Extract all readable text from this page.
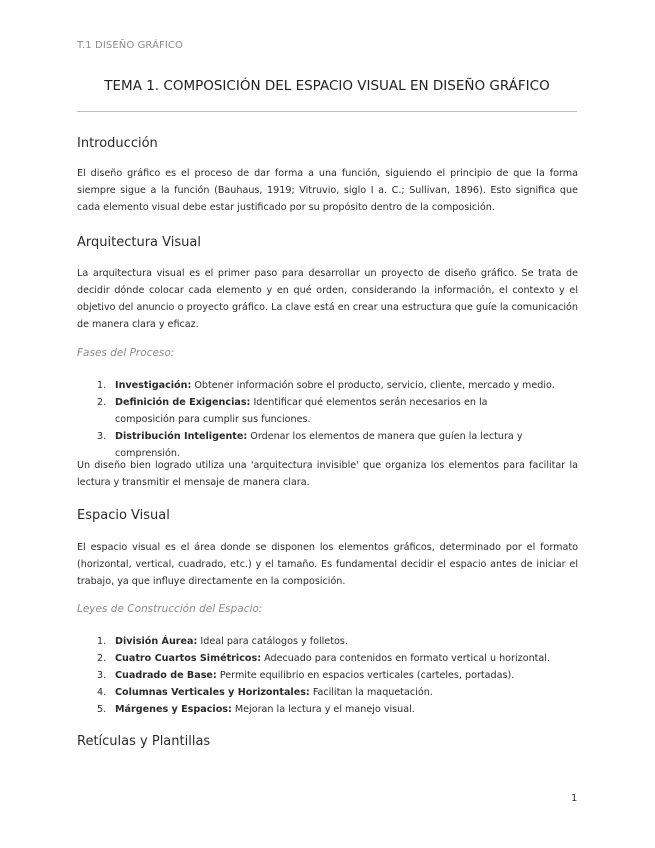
T.1 DISEÑO GRÁFICO
TEMA 1. COMPOSICIÓN DEL ESPACIO VISUAL EN DISEÑO GRÁFICO
Introducción

El diseño gráfico es el proceso de dar forma a una función, siguiendo el principio de que la forma siempre sigue a la función (Bauhaus, 1919; Vitruvio, siglo I a. C.; Sullivan, 1896). Esto significa que cada elemento visual debe estar justificado por su propósito dentro de la composición.

Arquitectura Visual

La arquitectura visual es el primer paso para desarrollar un proyecto de diseño gráfico. Se trata de decidir dónde colocar cada elemento y en qué orden, considerando la información, el contexto y el objetivo del anuncio o proyecto gráfico. La clave está en crear una estructura que guíe la comunicación de manera clara y eficaz.

Fases del Proceso:
1. Investigación: Obtener información sobre el producto, servicio, cliente, mercado y medio.
2. Definición de Exigencias: Identificar qué elementos serán necesarios en la composición para cumplir sus funciones.
3. Distribución Inteligente: Ordenar los elementos de manera que guíen la lectura y comprensión.

Un diseño bien logrado utiliza una 'arquitectura invisible' que organiza los elementos para facilitar la lectura y transmitir el mensaje de manera clara.

Espacio Visual

El espacio visual es el área donde se disponen los elementos gráficos, determinado por el formato (horizontal, vertical, cuadrado, etc.) y el tamaño. Es fundamental decidir el espacio antes de iniciar el trabajo, ya que influye directamente en la composición.

Leyes de Construcción del Espacio:
1. División Áurea: Ideal para catálogos y folletos.
2. Cuatro Cuartos Simétricos: Adecuado para contenidos en formato vertical u horizontal.
3. Cuadrado de Base: Permite equilibrio en espacios verticales (carteles, portadas).
4. Columnas Verticales y Horizontales: Facilitan la maquetación.
5. Márgenes y Espacios: Mejoran la lectura y el manejo visual.
Retículas y Plantillas
1
